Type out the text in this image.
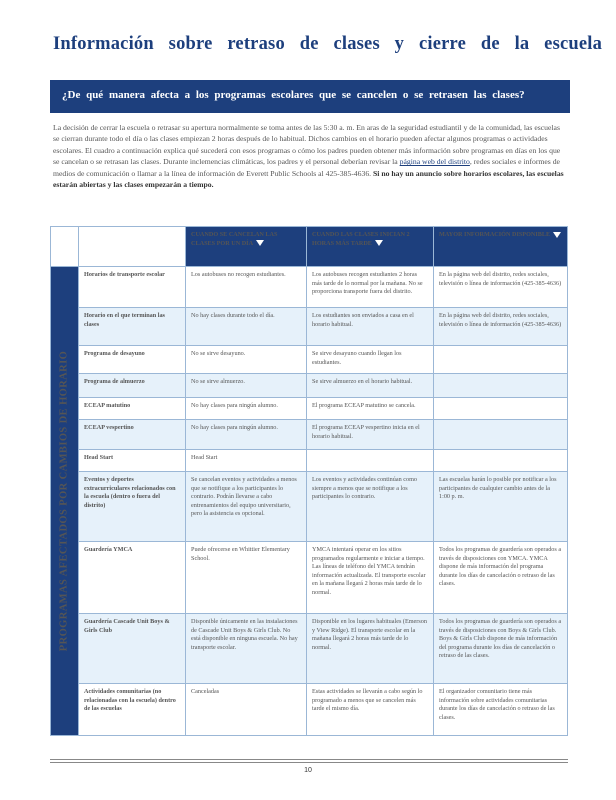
Información sobre retraso de clases y cierre de la escuela
¿De qué manera afecta a los programas escolares que se cancelen o se retrasen las clases?
La decisión de cerrar la escuela o retrasar su apertura normalmente se toma antes de las 5:30 a. m. En aras de la seguridad estudiantil y de la comunidad, las escuelas se cierran durante todo el día o las clases empiezan 2 horas después de lo habitual. Dichos cambios en el horario pueden afectar algunos programas o actividades escolares. El cuadro a continuación explica qué sucederá con esos programas o cómo los padres pueden obtener más información sobre programas en días en los que se cancelan o se retrasan las clases. Durante inclemencias climáticas, los padres y el personal deberían revisar la página web del distrito, redes sociales e informes de medios de comunicación o llamar a la línea de información de Everett Public Schools al 425-385-4636. Si no hay un anuncio sobre horarios escolares, las escuelas estarán abiertas y las clases empezarán a tiempo.
		CUANDO SE CANCELAN LAS CLASES POR UN DÍA	CUANDO LAS CLASES INICIAN 2 HORAS MÁS TARDE	MAYOR INFORMACIÓN DISPONIBLE

PROGRAMAS AFECTADOS POR CAMBIOS DE HORARIO	Horarios de transporte escolar	Los autobuses no recogen estudiantes.	Los autobuses recogen estudiantes 2 horas más tarde de lo normal por la mañana. No se proporciona transporte fuera del distrito.	En la página web del distrito, redes sociales, televisión o línea de información (425-385-4636)
	Horario en el que terminan las clases	No hay clases durante todo el día.	Los estudiantes son enviados a casa en el horario habitual.	En la página web del distrito, redes sociales, televisión o línea de información (425-385-4636)
	Programa de desayuno	No se sirve desayuno.	Se sirve desayuno cuando llegan los estudiantes.	
	Programa de almuerzo	No se sirve almuerzo.	Se sirve almuerzo en el horario habitual.	
	ECEAP matutino	No hay clases para ningún alumno.	El programa ECEAP matutino se cancela.	
	ECEAP vespertino	No hay clases para ningún alumno.	El programa ECEAP vespertino inicia en el horario habitual.	
	Head Start	Head Start		
	Eventos y deportes extracurriculares relacionados con la escuela (dentro o fuera del distrito)	Se cancelan eventos y actividades a menos que se notifique a los participantes lo contrario. Podrán llevarse a cabo entrenamientos del equipo universitario, pero la asistencia es opcional.	Los eventos y actividades continúan como siempre a menos que se notifique a los participantes lo contrario.	Las escuelas harán lo posible por notificar a los participantes de cualquier cambio antes de la 1:00 p. m.
	Guardería YMCA	Puede ofrecerse en Whittier Elementary School.	YMCA intentará operar en los sitios programados regularmente e iniciar a tiempo. Las líneas de teléfono del YMCA tendrán información actualizada. El transporte escolar en la mañana llegará 2 horas más tarde de lo normal.	Todos los programas de guardería son operados a través de disposiciones con YMCA. YMCA dispone de más información del programa durante los días de cancelación o retraso de las clases.
	Guardería Cascade Unit Boys & Girls Club	Disponible únicamente en las instalaciones de Cascade Unit Boys & Girls Club. No está disponible en ninguna escuela. No hay transporte escolar.	Disponible en los lugares habituales (Emerson y View Ridge). El transporte escolar en la mañana llegará 2 horas más tarde de lo normal.	Todos los programas de guardería son operados a través de disposiciones con Boys & Girls Club. Boys & Girls Club dispone de más información del programa durante los días de cancelación o retraso de las clases.
	Actividades comunitarias (no relacionadas con la escuela) dentro de las escuelas	Canceladas	Estas actividades se llevarán a cabo según lo programado a menos que se cancelen más tarde el mismo día.	El organizador comunitario tiene más información sobre actividades comunitarias durante los días de cancelación o retraso de las clases.
10
